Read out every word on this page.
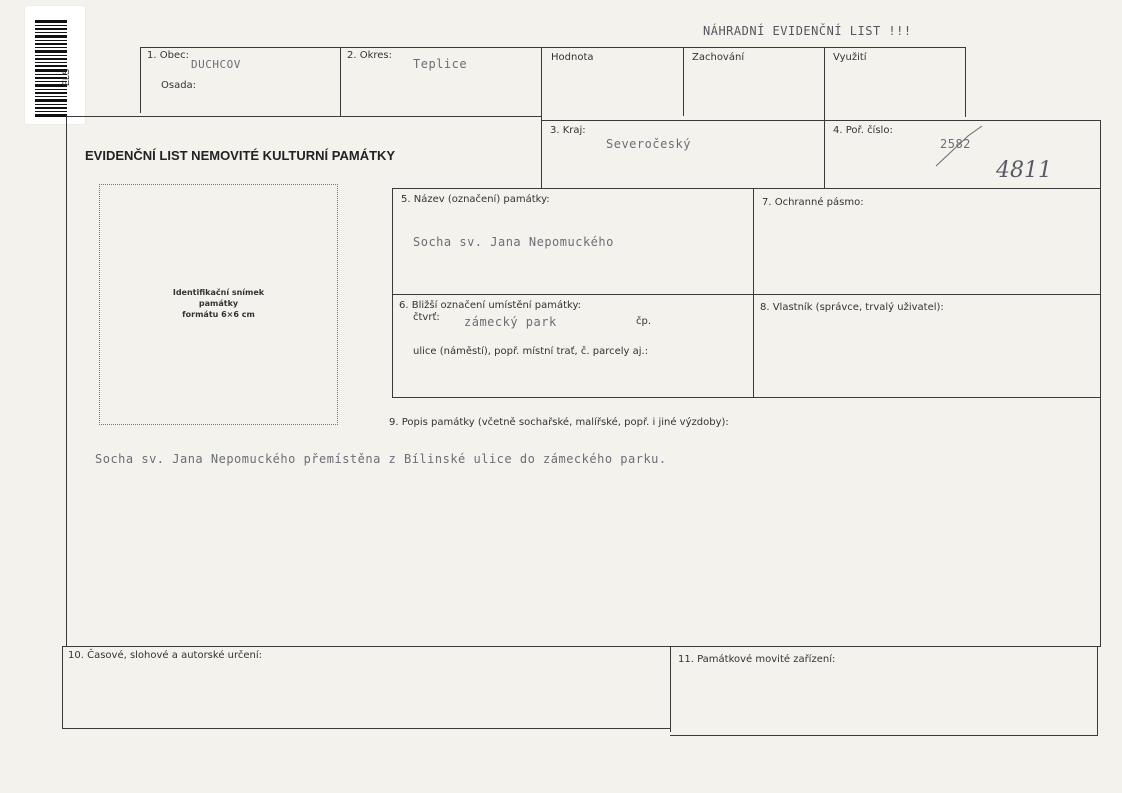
ELS
NÁHRADNÍ EVIDENČNÍ LIST !!!
1. Obec:
DUCHCOV
Osada:
2. Okres:
Teplice	Hodnota	Zachování	Využití
EVIDENČNÍ LIST NEMOVITÉ KULTURNÍ PAMÁTKY
3. Kraj:
Severočeský
4. Poř. číslo:
2582
4811
Identifikační snímek
památky
formátu 6×6 cm
5. Název (označení) památky:
Socha sv. Jana Nepomuckého
7. Ochranné pásmo:
6. Bližší označení umístění památky:
čtvrť: zámecký park	čp.
ulice (náměstí), popř. místní trať, č. parcely aj.:
8. Vlastník (správce, trvalý uživatel):
9. Popis památky (včetně sochařské, malířské, popř. i jiné výzdoby):
Socha sv. Jana Nepomuckého přemístěna z Bílinské ulice do zámeckého parku.
10. Časové, slohové a autorské určení:	11. Památkové movité zařízení:
